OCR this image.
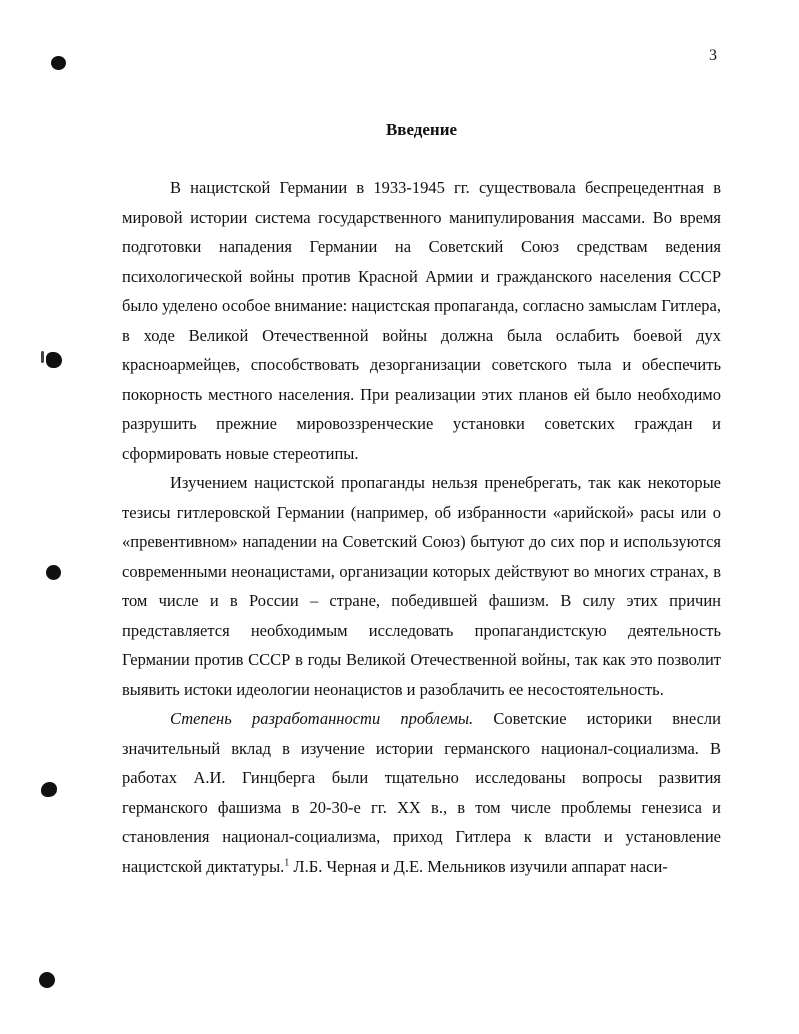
3
Введение

В нацистской Германии в 1933-1945 гг. существовала беспрецедентная в мировой истории система государственного манипулирования массами. Во время подготовки нападения Германии на Советский Союз средствам ведения психологической войны против Красной Армии и гражданского населения СССР было уделено особое внимание: нацистская пропаганда, согласно замыслам Гитлера, в ходе Великой Отечественной войны должна была ослабить боевой дух красноармейцев, способствовать дезорганизации советского тыла и обеспечить покорность местного населения. При реализации этих планов ей было необходимо разрушить прежние мировоззренческие установки советских граждан и сформировать новые стереотипы.

Изучением нацистской пропаганды нельзя пренебрегать, так как некоторые тезисы гитлеровской Германии (например, об избранности «арийской» расы или о «превентивном» нападении на Советский Союз) бытуют до сих пор и используются современными неонацистами, организации которых действуют во многих странах, в том числе и в России – стране, победившей фашизм. В силу этих причин представляется необходимым исследовать пропагандистскую деятельность Германии против СССР в годы Великой Отечественной войны, так как это позволит выявить истоки идеологии неонацистов и разоблачить ее несостоятельность.

Степень разработанности проблемы. Советские историки внесли значительный вклад в изучение истории германского национал-социализма. В работах А.И. Гинцберга были тщательно исследованы вопросы развития германского фашизма в 20-30-е гг. XX в., в том числе проблемы генезиса и становления национал-социализма, приход Гитлера к власти и установление нацистской диктатуры.$^1$ Л.Б. Черная и Д.Е. Мельников изучили аппарат наси-
